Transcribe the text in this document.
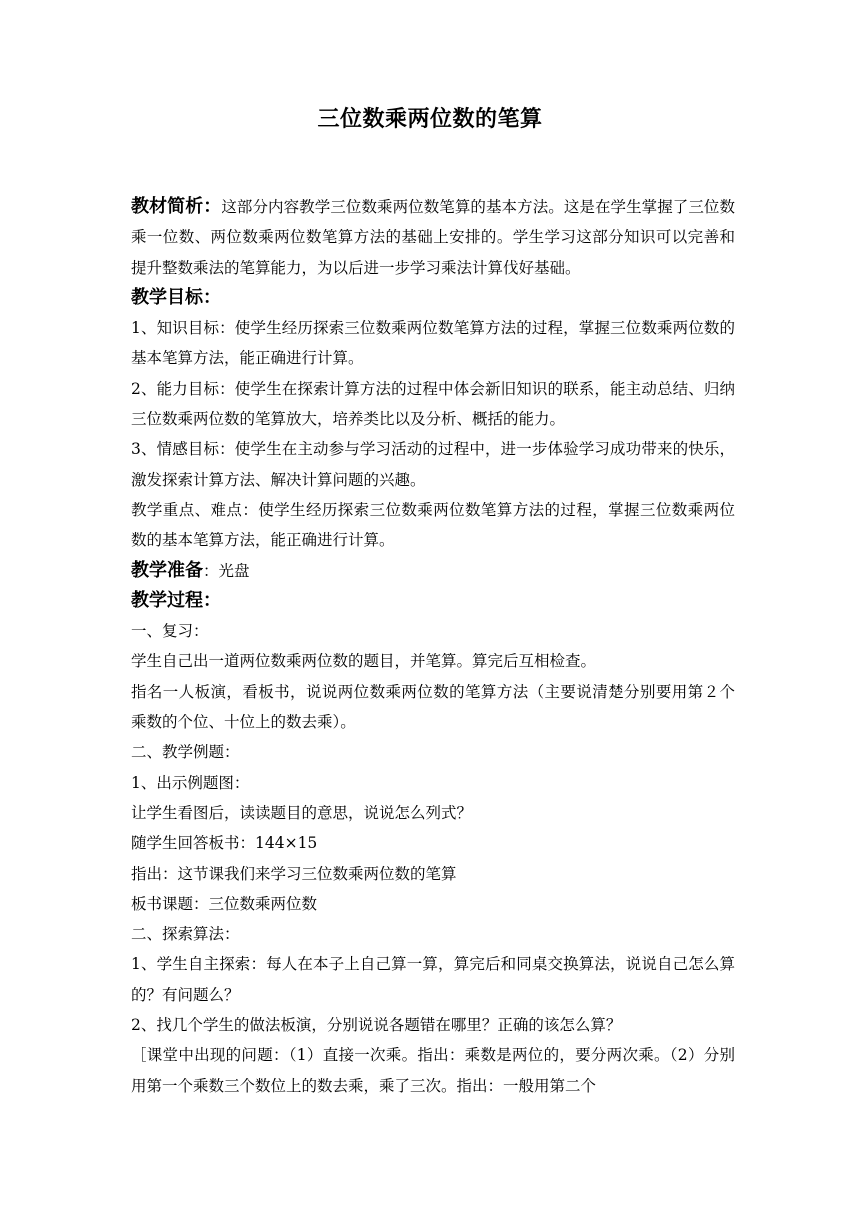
三位数乘两位数的笔算

教材简析：这部分内容教学三位数乘两位数笔算的基本方法。这是在学生掌握了三位数乘一位数、两位数乘两位数笔算方法的基础上安排的。学生学习这部分知识可以完善和提升整数乘法的笔算能力，为以后进一步学习乘法计算伐好基础。

教学目标：

1、知识目标：使学生经历探索三位数乘两位数笔算方法的过程，掌握三位数乘两位数的基本笔算方法，能正确进行计算。

2、能力目标：使学生在探索计算方法的过程中体会新旧知识的联系，能主动总结、归纳三位数乘两位数的笔算放大，培养类比以及分析、概括的能力。

3、情感目标：使学生在主动参与学习活动的过程中，进一步体验学习成功带来的快乐，激发探索计算方法、解决计算问题的兴趣。

教学重点、难点：使学生经历探索三位数乘两位数笔算方法的过程，掌握三位数乘两位数的基本笔算方法，能正确进行计算。

教学准备：光盘

教学过程：

一、复习：

学生自己出一道两位数乘两位数的题目，并笔算。算完后互相检查。

指名一人板演，看板书，说说两位数乘两位数的笔算方法（主要说清楚分别要用第２个乘数的个位、十位上的数去乘）。

二、教学例题：

1、出示例题图：

让学生看图后，读读题目的意思，说说怎么列式？

随学生回答板书：144×15

指出：这节课我们来学习三位数乘两位数的笔算

板书课题：三位数乘两位数

二、探索算法：

1、学生自主探索：每人在本子上自己算一算，算完后和同桌交换算法，说说自己怎么算的？有问题么？

2、找几个学生的做法板演，分别说说各题错在哪里？正确的该怎么算？

［课堂中出现的问题：（1）直接一次乘。指出：乘数是两位的，要分两次乘。（2）分别用第一个乘数三个数位上的数去乘，乘了三次。指出：一般用第二个
